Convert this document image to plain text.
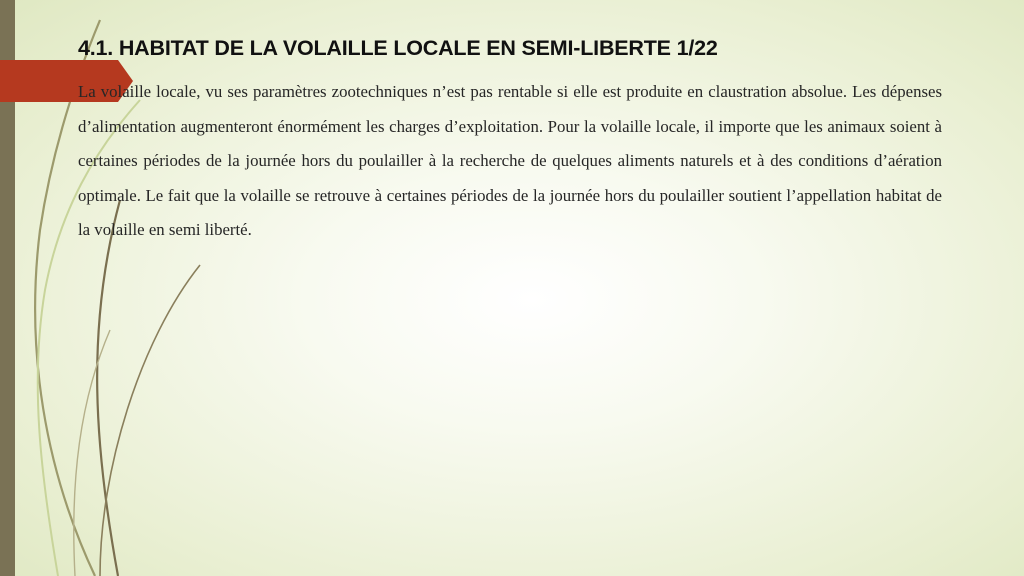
4.1. HABITAT DE LA VOLAILLE LOCALE EN SEMI-LIBERTE 1/22

La volaille locale, vu ses paramètres zootechniques n’est pas rentable si elle est produite en claustration absolue. Les dépenses d’alimentation augmenteront énormément les charges d’exploitation. Pour la volaille locale, il importe que les animaux soient à certaines périodes de la journée hors du poulailler à la recherche de quelques aliments naturels et à des conditions d’aération optimale. Le fait que la volaille se retrouve à certaines périodes de la journée hors du poulailler soutient l’appellation habitat de la volaille en semi liberté.
